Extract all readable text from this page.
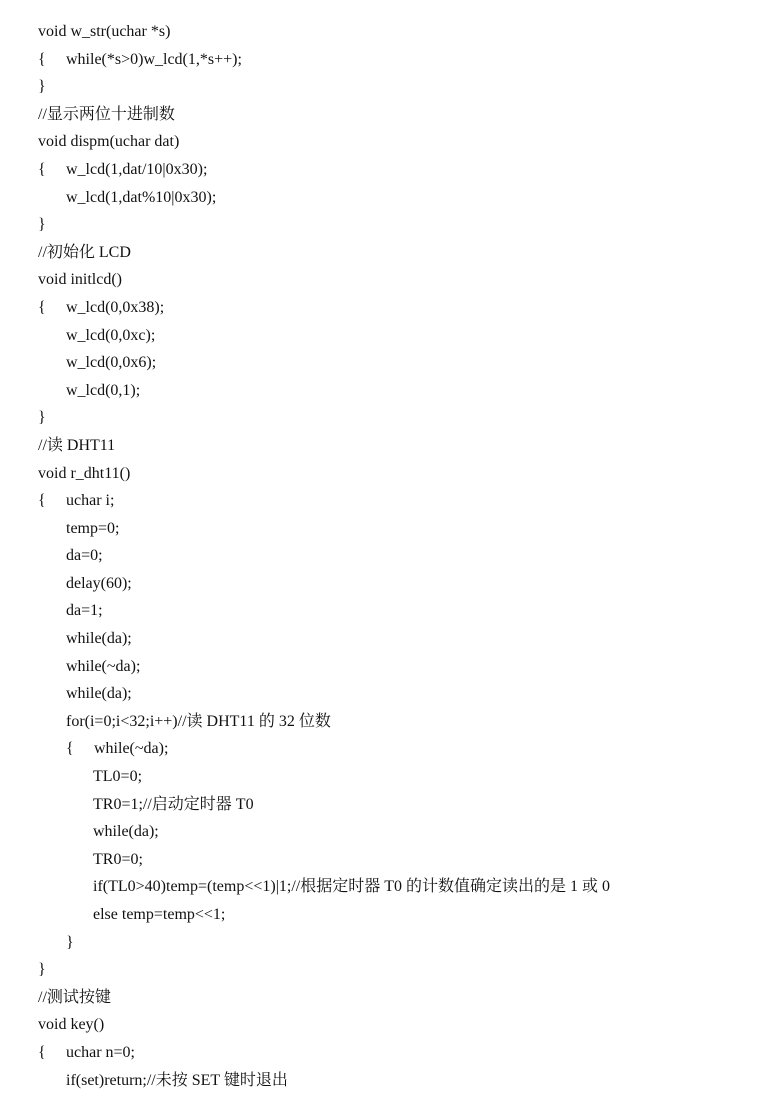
void w_str(uchar *s)
{ while(*s>0)w_lcd(1,*s++);
}
//显示两位十进制数
void dispm(uchar dat)
{ w_lcd(1,dat/10|0x30);
w_lcd(1,dat%10|0x30);
}
//初始化 LCD
void initlcd()
{ w_lcd(0,0x38);
w_lcd(0,0xc);
w_lcd(0,0x6);
w_lcd(0,1);
}
//读 DHT11
void r_dht11()
{ uchar i;
temp=0;
da=0;
delay(60);
da=1;
while(da);
while(~da);
while(da);
for(i=0;i<32;i++)//读 DHT11 的 32 位数
{ while(~da);
TL0=0;
TR0=1;//启动定时器 T0
while(da);
TR0=0;
if(TL0>40)temp=(temp<<1)|1;//根据定时器 T0 的计数值确定读出的是 1 或 0
else temp=temp<<1;
}
}
//测试按键
void key()
{ uchar n=0;
if(set)return;//未按 SET 键时退出
